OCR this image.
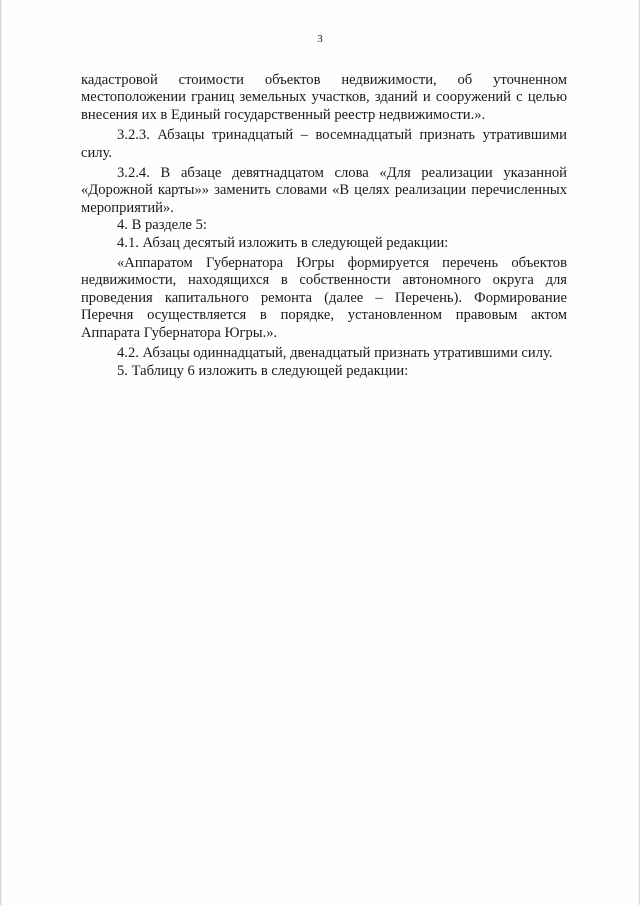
3

кадастровой стоимости объектов недвижимости, об уточненном местоположении границ земельных участков, зданий и сооружений с целью внесения их в Единый государственный реестр недвижимости.».

3.2.3. Абзацы тринадцатый – восемнадцатый признать утратившими силу.

3.2.4. В абзаце девятнадцатом слова «Для реализации указанной «Дорожной карты»» заменить словами «В целях реализации перечисленных мероприятий».

4. В разделе 5:

4.1. Абзац десятый изложить в следующей редакции:

«Аппаратом Губернатора Югры формируется перечень объектов недвижимости, находящихся в собственности автономного округа для проведения капитального ремонта (далее – Перечень). Формирование Перечня осуществляется в порядке, установленном правовым актом Аппарата Губернатора Югры.».

4.2. Абзацы одиннадцатый, двенадцатый признать утратившими силу.

5. Таблицу 6 изложить в следующей редакции:
